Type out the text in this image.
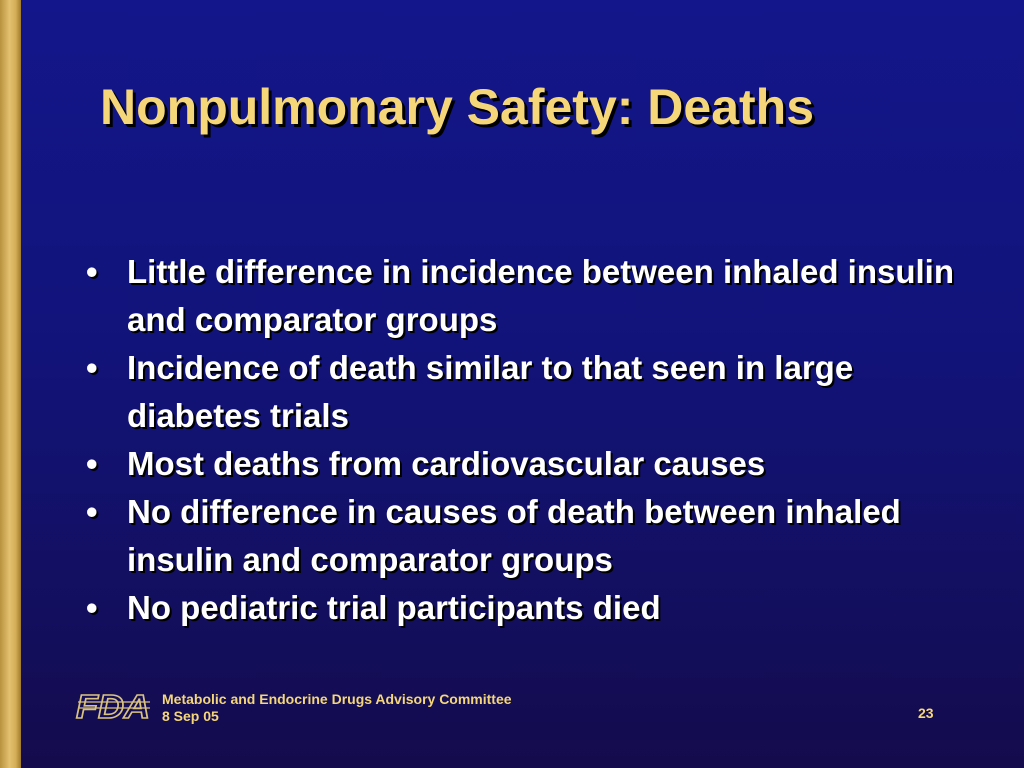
Nonpulmonary Safety: Deaths
• Little difference in incidence between inhaled insulin and comparator groups
• Incidence of death similar to that seen in large diabetes trials
• Most deaths from cardiovascular causes
• No difference in causes of death between inhaled insulin and comparator groups
• No pediatric trial participants died
FDA Metabolic and Endocrine Drugs Advisory Committee
8 Sep 05	23
